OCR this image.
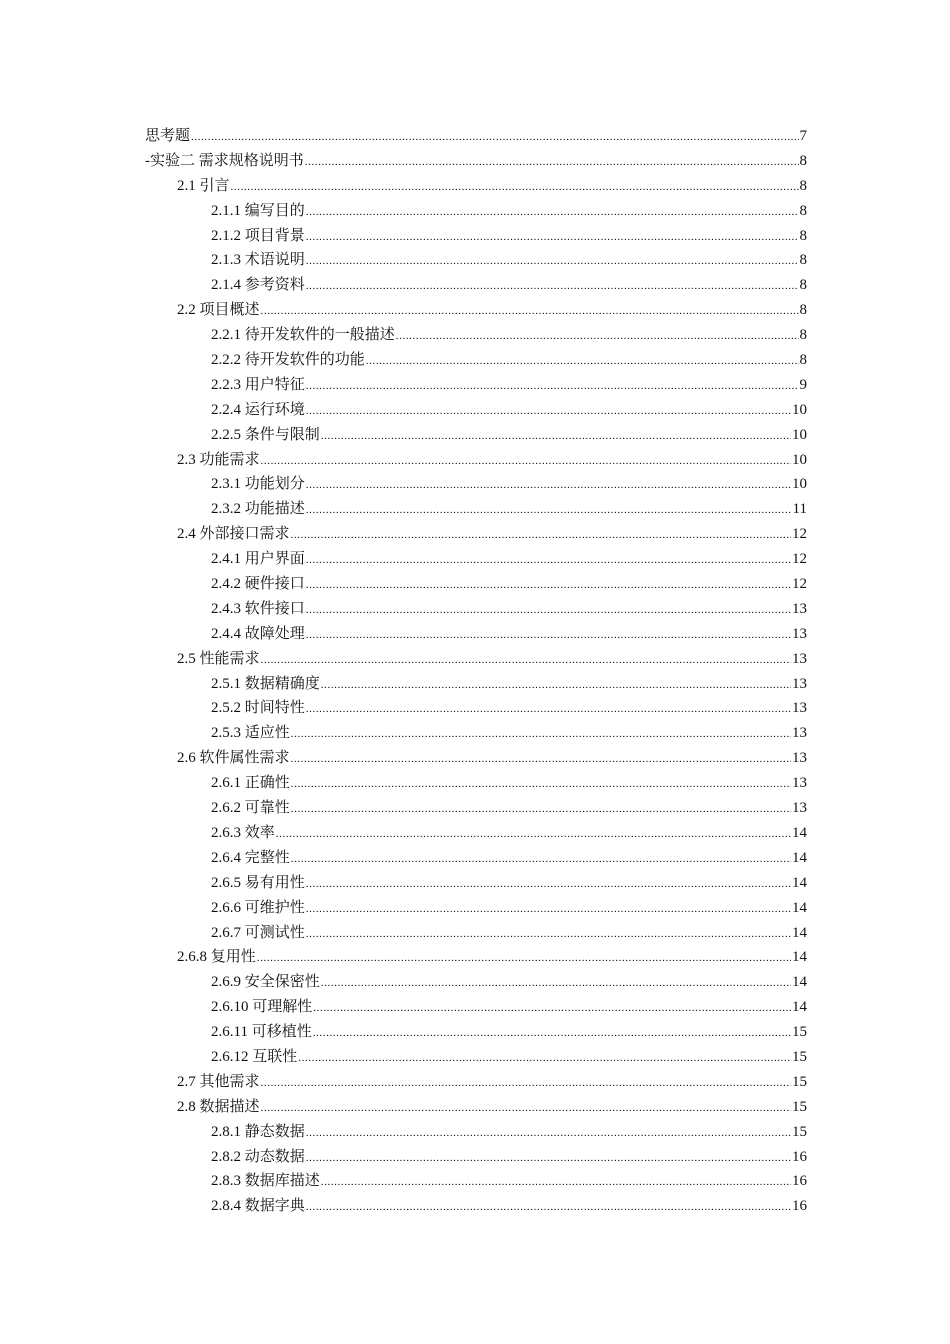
思考题 .....	7
-实验二 需求规格说明书 .....	8
2.1 引言 .....	8
2.1.1 编写目的 .....	8
2.1.2 项目背景 .....	8
2.1.3 术语说明 .....	8
2.1.4 参考资料 .....	8
2.2 项目概述 .....	8
2.2.1 待开发软件的一般描述 .....	8
2.2.2 待开发软件的功能 .....	8
2.2.3 用户特征 .....	9
2.2.4 运行环境 .....	10
2.2.5 条件与限制 .....	10
2.3 功能需求 .....	10
2.3.1 功能划分 .....	10
2.3.2 功能描述 .....	11
2.4 外部接口需求 .....	12
2.4.1 用户界面 .....	12
2.4.2 硬件接口 .....	12
2.4.3 软件接口 .....	13
2.4.4 故障处理 .....	13
2.5 性能需求 .....	13
2.5.1 数据精确度 .....	13
2.5.2 时间特性 .....	13
2.5.3 适应性 .....	13
2.6 软件属性需求 .....	13
2.6.1 正确性 .....	13
2.6.2 可靠性 .....	13
2.6.3 效率 .....	14
2.6.4 完整性 .....	14
2.6.5 易有用性 .....	14
2.6.6 可维护性 .....	14
2.6.7 可测试性 .....	14
2.6.8 复用性 .....	14
2.6.9 安全保密性 .....	14
2.6.10 可理解性 .....	14
2.6.11 可移植性 .....	15
2.6.12 互联性 .....	15
2.7 其他需求 .....	15
2.8 数据描述 .....	15
2.8.1 静态数据 .....	15
2.8.2 动态数据 .....	16
2.8.3 数据库描述 .....	16
2.8.4 数据字典 .....	16
